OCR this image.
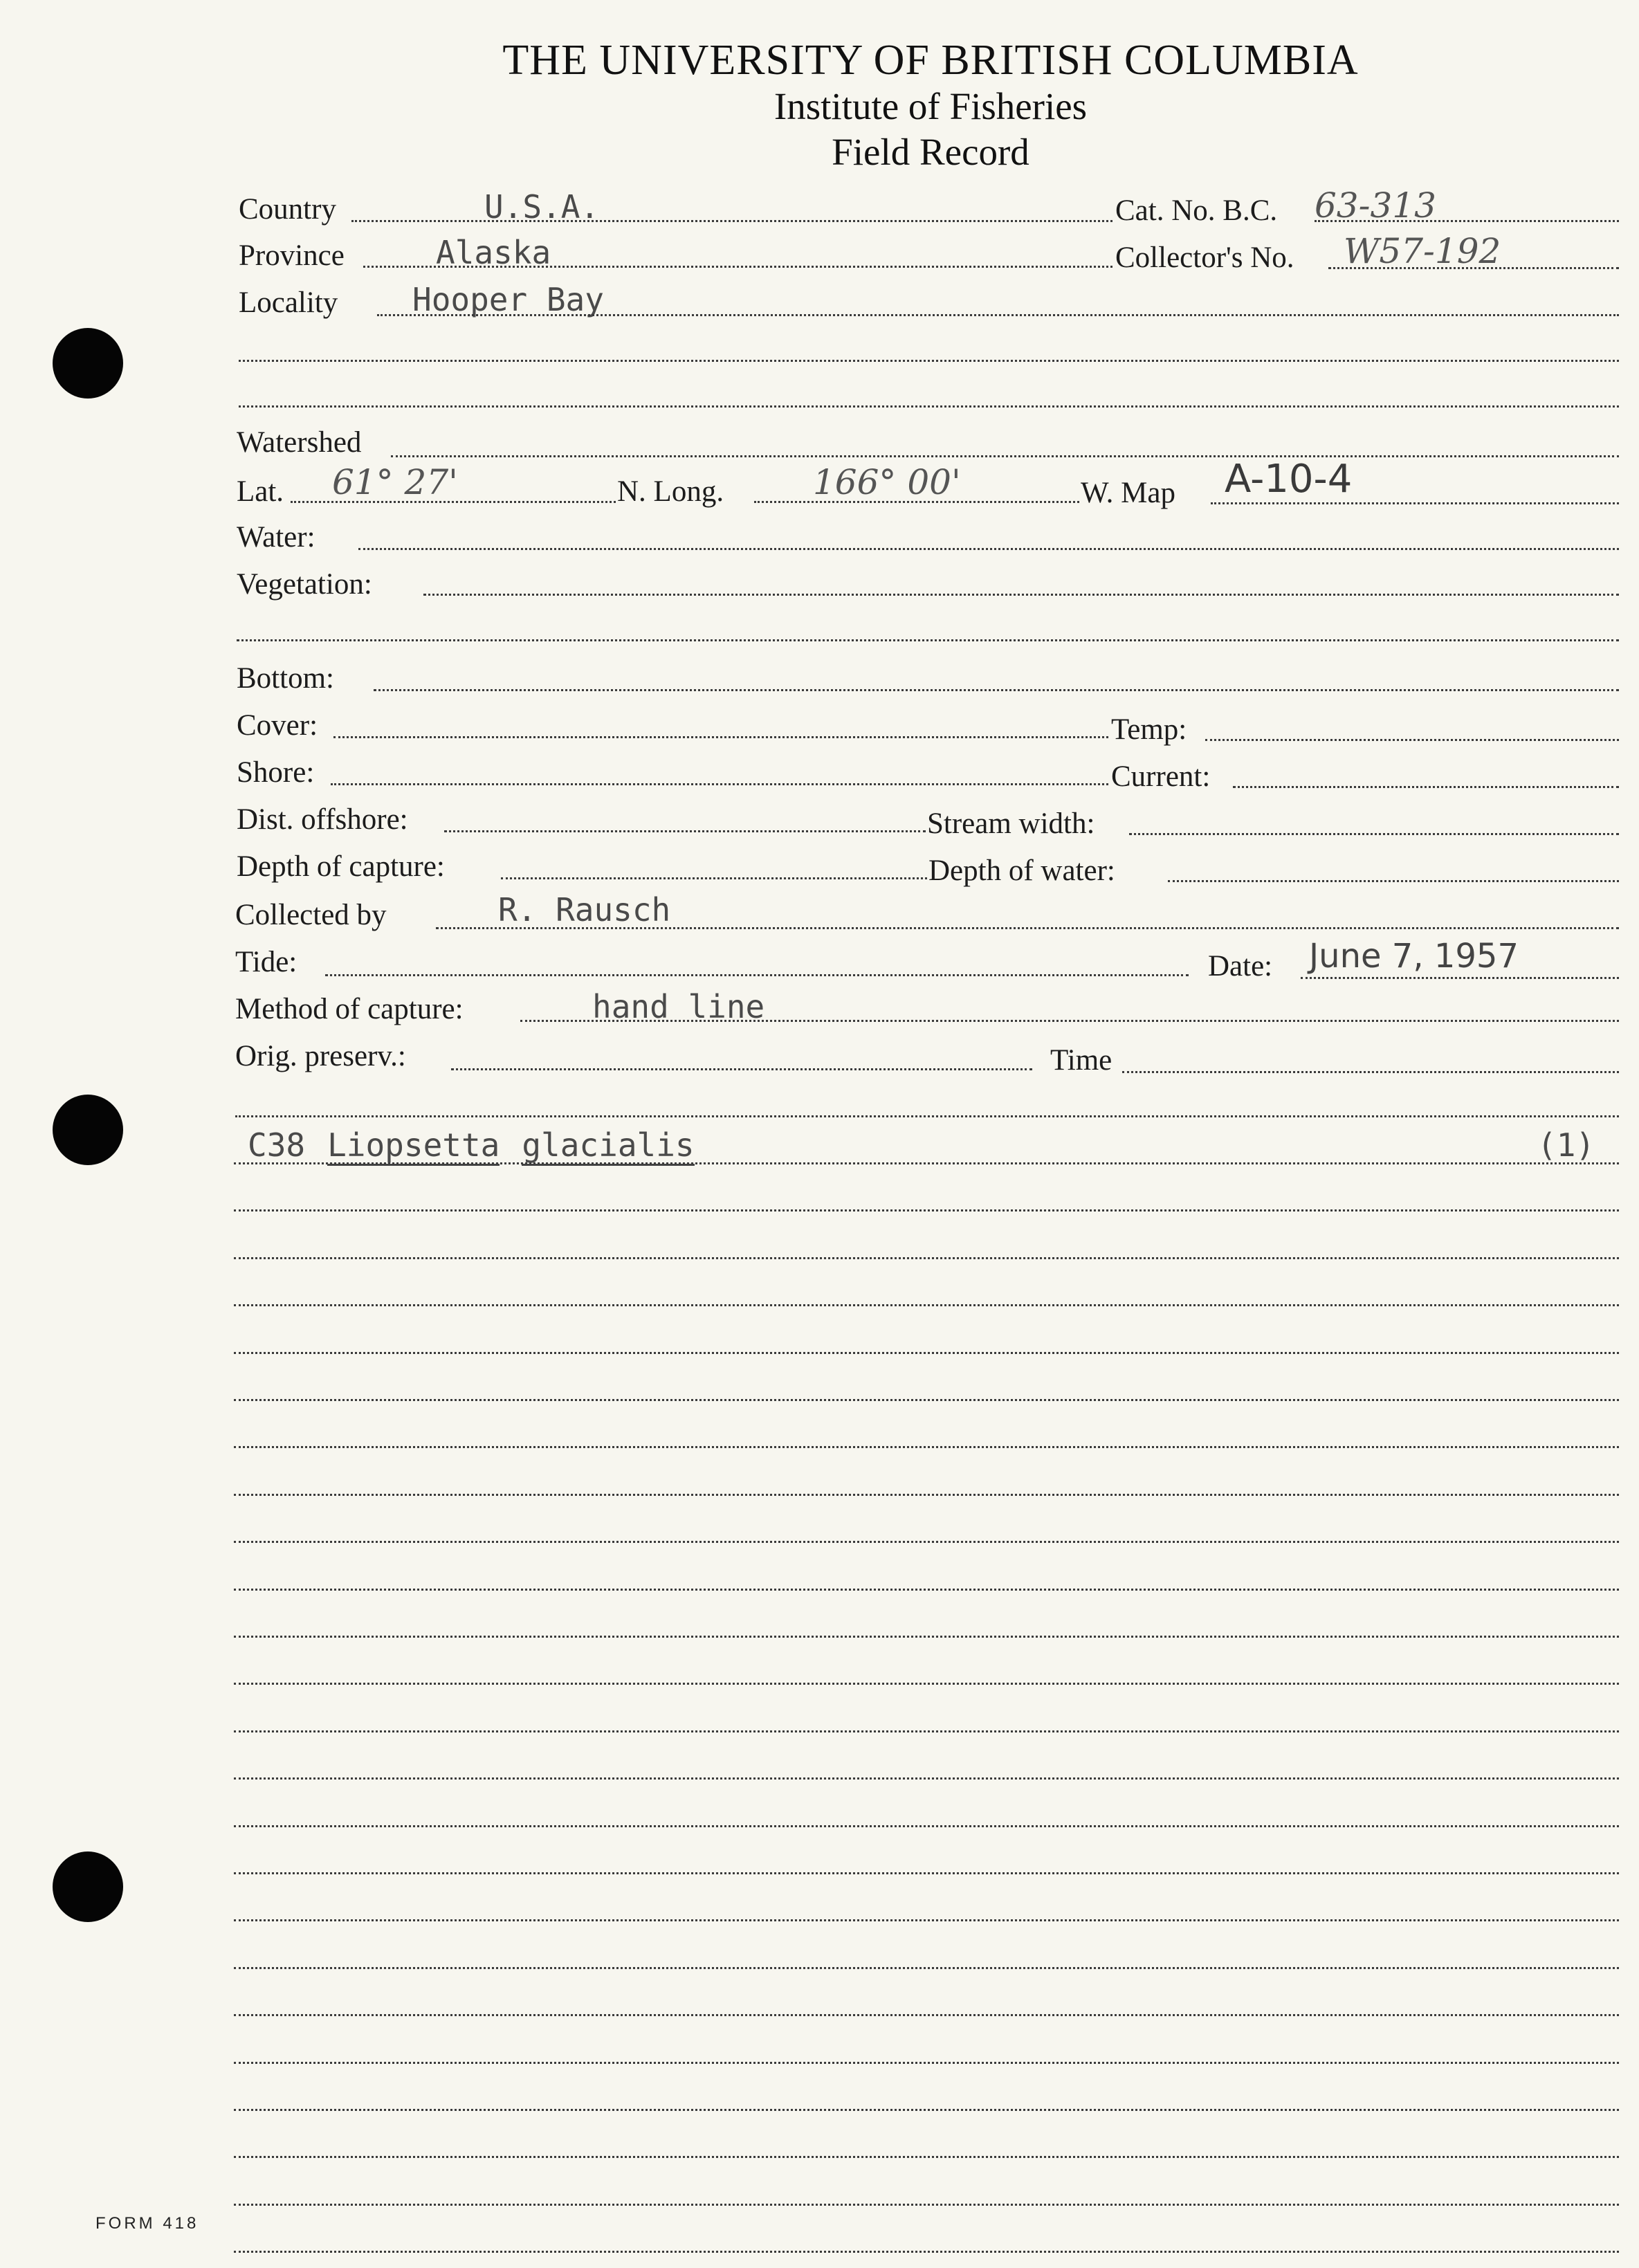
THE UNIVERSITY OF BRITISH COLUMBIA
Institute of Fisheries
Field Record
Country	U.S.A.	Cat. No. B.C. 63-313
Province	Alaska	Collector's No. W57-192
Locality Hooper Bay
Watershed
Lat. 61° 27'	N. Long.	166° 00'	W. Map A-10-4
Water:
Vegetation:
Bottom:
Cover:	Temp:
Shore:	Current:
Dist. offshore:	Stream width:
Depth of capture:	Depth of water:
Collected by	R. Rausch
Tide:	Date: June 7, 1957
Method of capture:	hand line
Orig. preserv.:	Time
C38 Liopsetta glacialis	(1)
FORM 418
